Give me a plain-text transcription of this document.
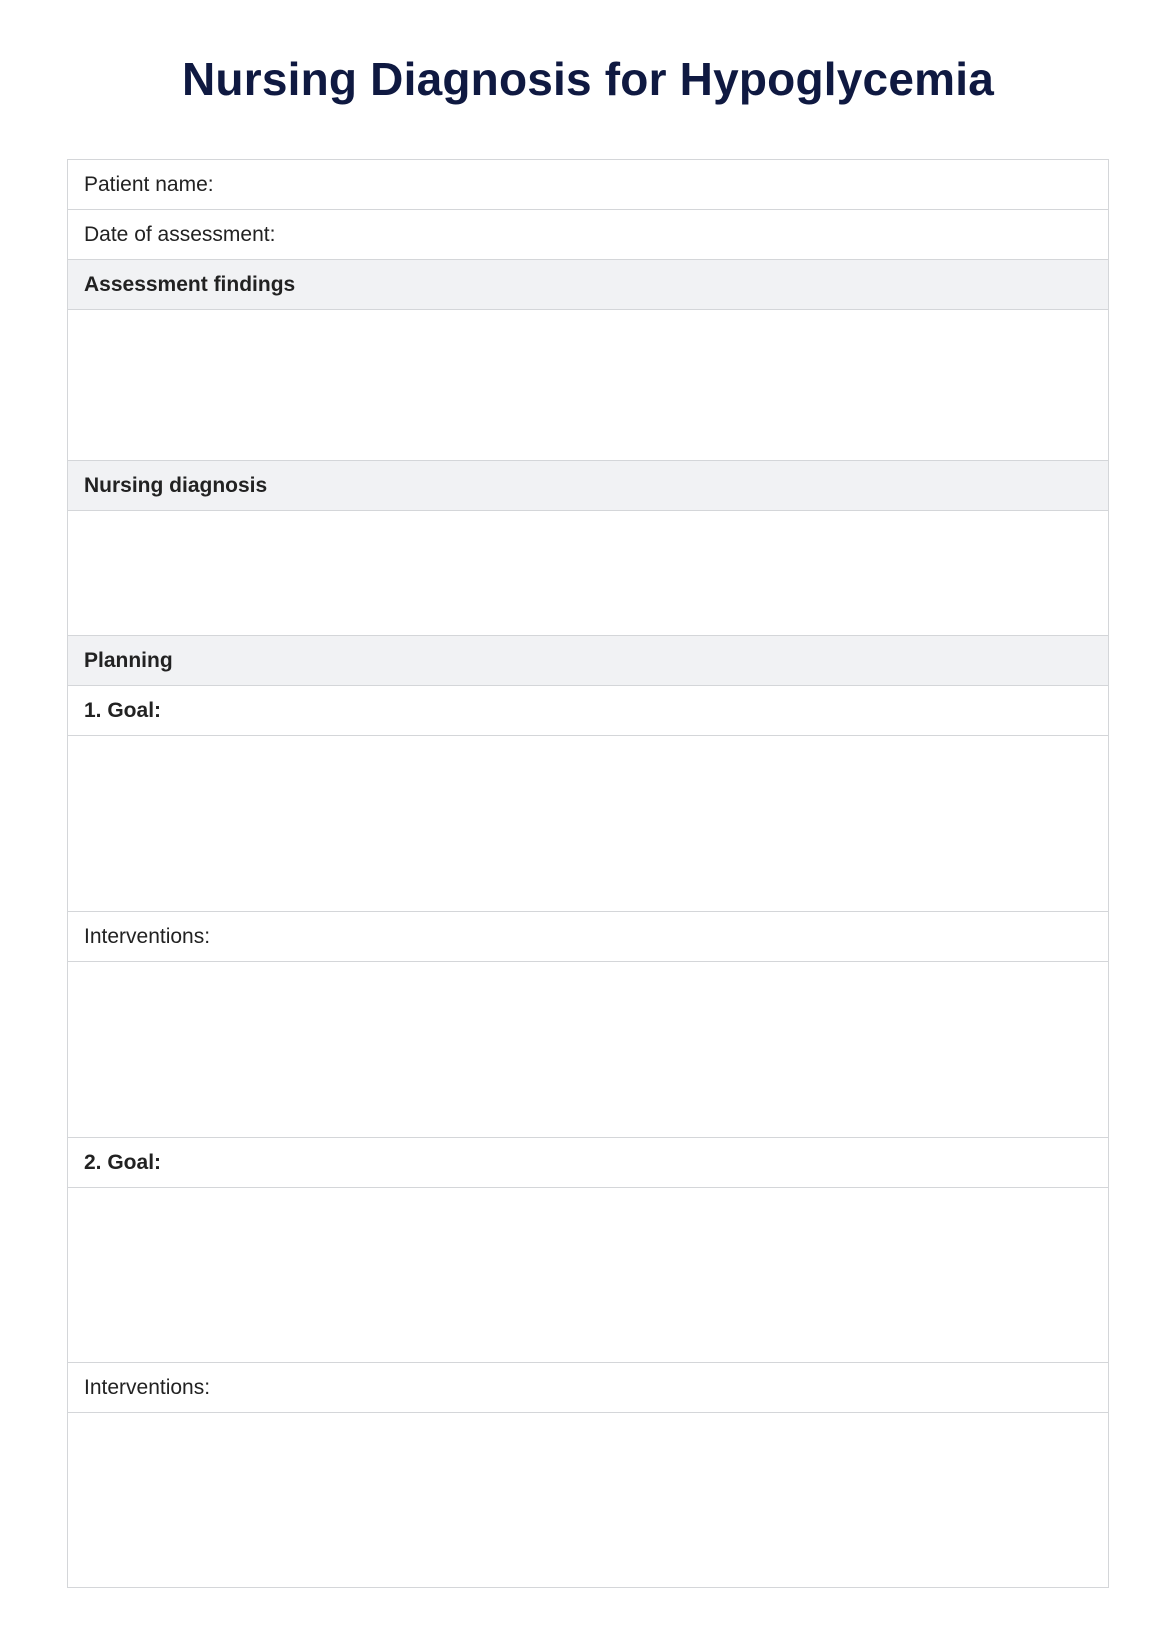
Nursing Diagnosis for Hypoglycemia
Patient name:
Date of assessment:
Assessment findings
Nursing diagnosis
Planning
1. Goal:
Interventions:
2. Goal:
Interventions:
